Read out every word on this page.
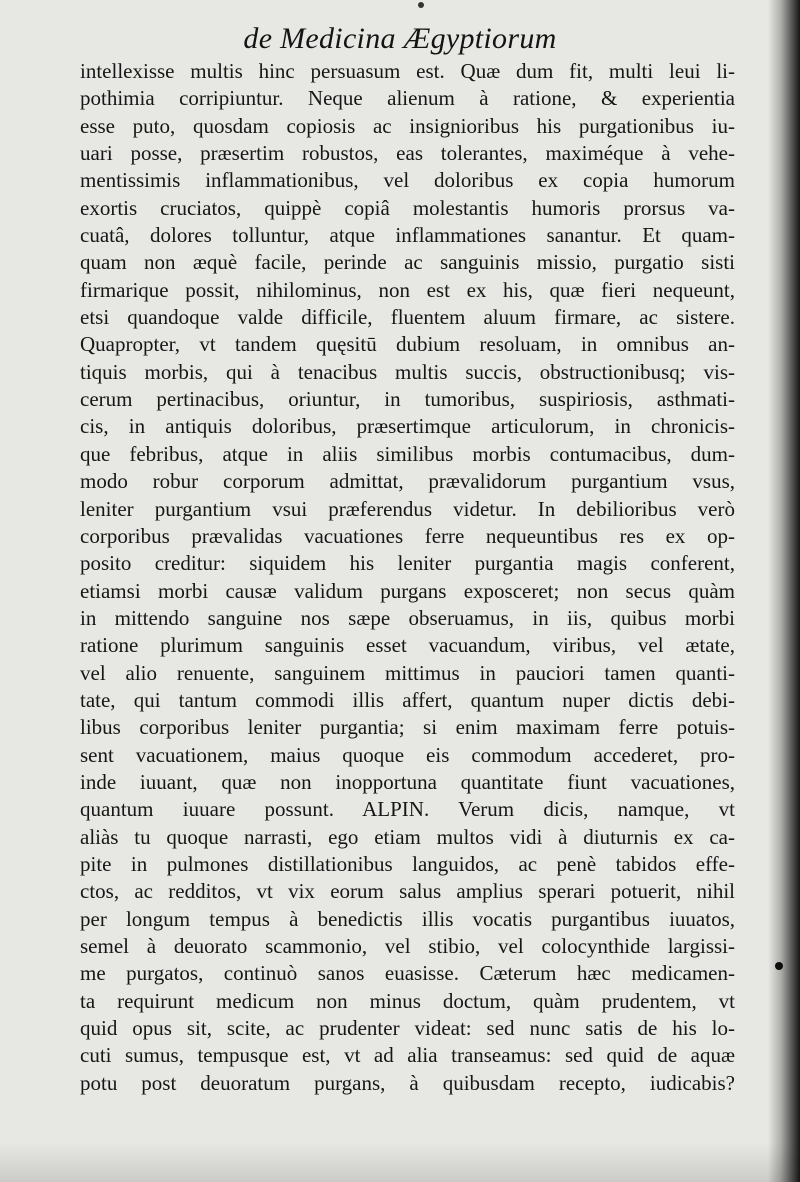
de Medicina Ægyptiorum
intellexisse multis hinc persuasum est. Quæ dum fit, multi leui li-
pothimia corripiuntur. Neque alienum à ratione, & experientia
esse puto, quosdam copiosis ac insignioribus his purgationibus iu-
uari posse, præsertim robustos, eas tolerantes, maximéque à vehe-
mentissimis inflammationibus, vel doloribus ex copia humorum
exortis cruciatos, quippè copiâ molestantis humoris prorsus va-
cuatâ, dolores tolluntur, atque inflammationes sanantur. Et quam-
quam non æquè facile, perinde ac sanguinis missio, purgatio sisti
firmarique possit, nihilominus, non est ex his, quæ fieri nequeunt,
etsi quandoque valde difficile, fluentem aluum firmare, ac sistere.
Quapropter, vt tandem quęsitū dubium resoluam, in omnibus an-
tiquis morbis, qui à tenacibus multis succis, obstructionibusq; vis-
cerum pertinacibus, oriuntur, in tumoribus, suspiriosis, asthmati-
cis, in antiquis doloribus, præsertimque articulorum, in chronicis-
que febribus, atque in aliis similibus morbis contumacibus, dum-
modo robur corporum admittat, prævalidorum purgantium vsus,
leniter purgantium vsui præferendus videtur. In debilioribus verò
corporibus prævalidas vacuationes ferre nequeuntibus res ex op-
posito creditur: siquidem his leniter purgantia magis conferent,
etiamsi morbi causæ validum purgans exposceret; non secus quàm
in mittendo sanguine nos sæpe obseruamus, in iis, quibus morbi
ratione plurimum sanguinis esset vacuandum, viribus, vel ætate,
vel alio renuente, sanguinem mittimus in pauciori tamen quanti-
tate, qui tantum commodi illis affert, quantum nuper dictis debi-
libus corporibus leniter purgantia; si enim maximam ferre potuis-
sent vacuationem, maius quoque eis commodum accederet, pro-
inde iuuant, quæ non inopportuna quantitate fiunt vacuationes,
quantum iuuare possunt. ALPIN. Verum dicis, namque, vt
aliàs tu quoque narrasti, ego etiam multos vidi à diuturnis ex ca-
pite in pulmones distillationibus languidos, ac penè tabidos effe-
ctos, ac redditos, vt vix eorum salus amplius sperari potuerit, nihil
per longum tempus à benedictis illis vocatis purgantibus iuuatos,
semel à deuorato scammonio, vel stibio, vel colocynthide largissi-
me purgatos, continuò sanos euasisse. Cæterum hæc medicamen-
ta requirunt medicum non minus doctum, quàm prudentem, vt
quid opus sit, scite, ac prudenter videat: sed nunc satis de his lo-
cuti sumus, tempusque est, vt ad alia transeamus: sed quid de aquæ
potu post deuoratum purgans, à quibusdam recepto, iudicabis?
